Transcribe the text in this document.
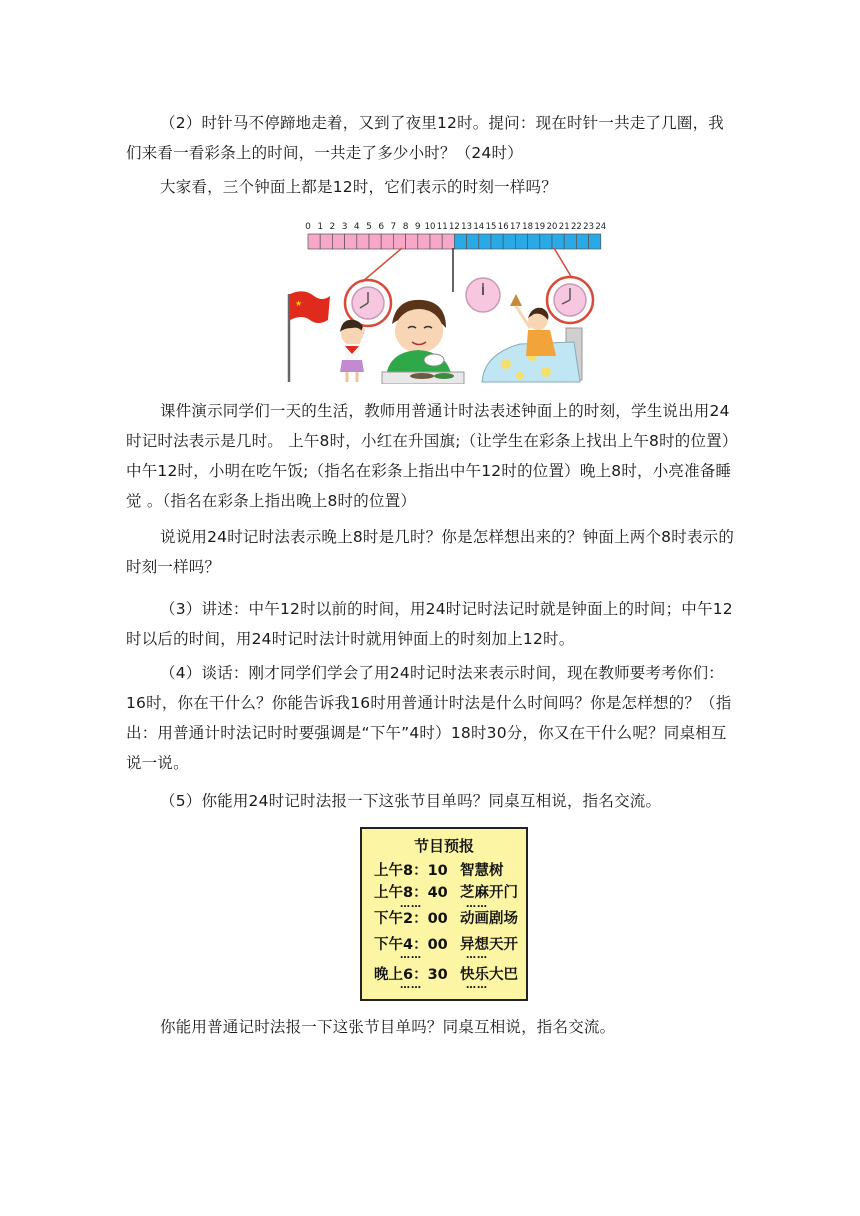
（2）时针马不停蹄地走着，又到了夜里12时。提问：现在时针一共走了几圈，我们来看一看彩条上的时间，一共走了多少小时？（24时）

大家看，三个钟面上都是12时，它们表示的时刻一样吗？

0 1 2 3 4 5 6 7 8 9 10 11 12 13 14 15 16 17 18 19 20 21 22 23 24
★

课件演示同学们一天的生活，教师用普通计时法表述钟面上的时刻，学生说出用24时记时法表示是几时。 上午8时，小红在升国旗;（让学生在彩条上找出上午8时的位置）中午12时，小明在吃午饭;（指名在彩条上指出中午12时的位置）晚上8时，小亮准备睡觉 。（指名在彩条上指出晚上8时的位置）

说说用24时记时法表示晚上8时是几时？你是怎样想出来的？钟面上两个8时表示的时刻一样吗？

（3）讲述：中午12时以前的时间，用24时记时法记时就是钟面上的时间；中午12时以后的时间，用24时记时法计时就用钟面上的时刻加上12时。

（4）谈话：刚才同学们学会了用24时记时法来表示时间，现在教师要考考你们：16时，你在干什么？你能告诉我16时用普通计时法是什么时间吗？你是怎样想的？（指出：用普通计时法记时时要强调是“下午”4时）18时30分，你又在干什么呢？同桌相互说一说。

（5）你能用24时记时法报一下这张节目单吗？同桌互相说，指名交流。

节目预报
上午8：10 智慧树
上午8：40 芝麻开门
……	……
下午2：00 动画剧场
下午4：00 异想天开
……	……
晚上6：30 快乐大巴
……	……

你能用普通记时法报一下这张节目单吗？同桌互相说，指名交流。
